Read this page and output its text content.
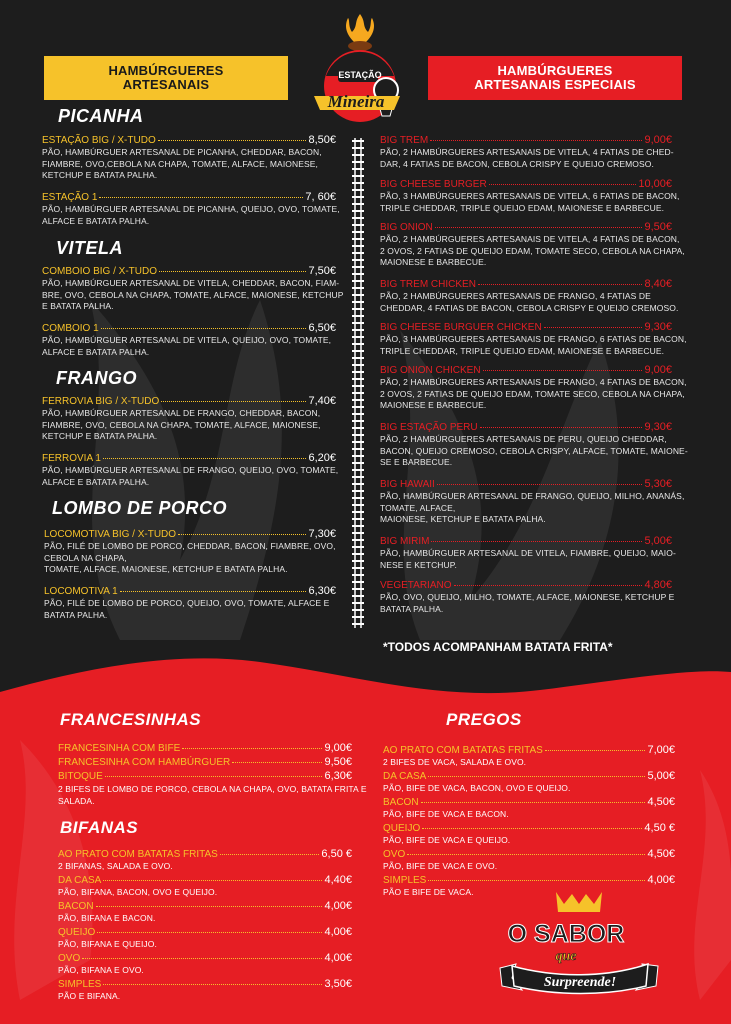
HAMBÚRGUERES
ARTESANAIS
HAMBÚRGUERES
ARTESANAIS ESPECIAIS
ESTAÇÃO
Mineira
PICANHA
ESTAÇÃO BIG / X-TUDO	8,50€
PÃO, HAMBÚRGUER ARTESANAL DE PICANHA, CHEDDAR, BACON,
FIAMBRE, OVO,CEBOLA NA CHAPA, TOMATE, ALFACE, MAIONESE,
KETCHUP E BATATA PALHA.
ESTAÇÃO 1	7, 60€
PÃO, HAMBÚRGUER ARTESANAL DE PICANHA, QUEIJO, OVO, TOMATE,
ALFACE E BATATA PALHA.
VITELA
COMBOIO BIG / X-TUDO	7,50€
PÃO, HAMBÚRGUER ARTESANAL DE VITELA, CHEDDAR, BACON, FIAM-
BRE, OVO, CEBOLA NA CHAPA, TOMATE, ALFACE, MAIONESE, KETCHUP
E BATATA PALHA.
COMBOIO 1	6,50€
PÃO, HAMBÚRGUER ARTESANAL DE VITELA, QUEIJO, OVO, TOMATE,
ALFACE E BATATA PALHA.
FRANGO
FERROVIA BIG / X-TUDO	7,40€
PÃO, HAMBÚRGUER ARTESANAL DE FRANGO, CHEDDAR, BACON,
FIAMBRE, OVO, CEBOLA NA CHAPA, TOMATE, ALFACE, MAIONESE,
KETCHUP E BATATA PALHA.
FERROVIA 1	6,20€
PÃO, HAMBÚRGUER ARTESANAL DE FRANGO, QUEIJO, OVO, TOMATE,
ALFACE E BATATA PALHA.
LOMBO DE PORCO
LOCOMOTIVA BIG / X-TUDO	7,30€
PÃO, FILÉ DE LOMBO DE PORCO, CHEDDAR, BACON, FIAMBRE, OVO,
CEBOLA NA CHAPA,
TOMATE, ALFACE, MAIONESE, KETCHUP E BATATA PALHA.
LOCOMOTIVA 1	6,30€
PÃO, FILÉ DE LOMBO DE PORCO, QUEIJO, OVO, TOMATE, ALFACE E
BATATA PALHA.
BIG TREM	9,00€
PÃO, 2 HAMBÚRGUERES ARTESANAIS DE VITELA, 4 FATIAS DE CHED-
DAR, 4 FATIAS DE BACON, CEBOLA CRISPY E QUEIJO CREMOSO.
BIG CHEESE BURGER	10,00€
PÃO, 3 HAMBÚRGUERES ARTESANAIS DE VITELA, 6 FATIAS DE BACON,
TRIPLE CHEDDAR, TRIPLE QUEIJO EDAM, MAIONESE E BARBECUE.
BIG ONION	9,50€
PÃO, 2 HAMBÚRGUERES ARTESANAIS DE VITELA, 4 FATIAS DE BACON,
2 OVOS, 2 FATIAS DE QUEIJO EDAM, TOMATE SECO, CEBOLA NA CHAPA,
MAIONESE E BARBECUE.
BIG TREM CHICKEN	8,40€
PÃO, 2 HAMBÚRGUERES ARTESANAIS DE FRANGO, 4 FATIAS DE
CHEDDAR, 4 FATIAS DE BACON, CEBOLA CRISPY E QUEIJO CREMOSO.
BIG CHEESE BURGUER CHICKEN	9,30€
PÃO, 3 HAMBÚRGUERES ARTESANAIS DE FRANGO, 6 FATIAS DE BACON,
TRIPLE CHEDDAR, TRIPLE QUEIJO EDAM, MAIONESE E BARBECUE.
BIG ONION CHICKEN	9,00€
PÃO, 2 HAMBÚRGUERES ARTESANAIS DE FRANGO, 4 FATIAS DE BACON,
2 OVOS, 2 FATIAS DE QUEIJO EDAM, TOMATE SECO, CEBOLA NA CHAPA,
MAIONESE E BARBECUE.
BIG ESTAÇÃO PERU	9,30€
PÃO, 2 HAMBÚRGUERES ARTESANAIS DE PERU, QUEIJO CHEDDAR,
BACON, QUEIJO CREMOSO, CEBOLA CRISPY, ALFACE, TOMATE, MAIONE-
SE E BARBECUE.
BIG HAWAII	5,30€
PÃO, HAMBÚRGUER ARTESANAL DE FRANGO, QUEIJO, MILHO, ANANÁS,
TOMATE, ALFACE,
MAIONESE, KETCHUP E BATATA PALHA.
BIG MIRIM	5,00€
PÃO, HAMBÚRGUER ARTESANAL DE VITELA, FIAMBRE, QUEIJO, MAIO-
NESE E KETCHUP.
VEGETARIANO	4,80€
PÃO, OVO, QUEIJO, MILHO, TOMATE, ALFACE, MAIONESE, KETCHUP E
BATATA PALHA.
*TODOS ACOMPANHAM BATATA FRITA*
FRANCESINHAS
FRANCESINHA COM BIFE	9,00€
FRANCESINHA COM HAMBÚRGUER	9,50€
BITOQUE	6,30€
2 BIFES DE LOMBO DE PORCO, CEBOLA NA CHAPA, OVO, BATATA FRITA E
SALADA.
BIFANAS
AO PRATO COM BATATAS FRITAS	6,50 €
2 BIFANAS, SALADA E OVO.
DA CASA	4,40€
PÃO, BIFANA, BACON, OVO E QUEIJO.
BACON	4,00€
PÃO, BIFANA E BACON.
QUEIJO	4,00€
PÃO, BIFANA E QUEIJO.
OVO	4,00€
PÃO, BIFANA E OVO.
SIMPLES	3,50€
PÃO E BIFANA.
PREGOS
AO PRATO COM BATATAS FRITAS	7,00€
2 BIFES DE VACA, SALADA E OVO.
DA CASA	5,00€
PÃO, BIFE DE VACA, BACON, OVO E QUEIJO.
BACON	4,50€
PÃO, BIFE DE VACA E BACON.
QUEIJO	4,50 €
PÃO, BIFE DE VACA E QUEIJO.
OVO	4,50€
PÃO, BIFE DE VACA E OVO.
SIMPLES	4,00€
PÃO E BIFE DE VACA.
O SABOR
que
Surpreende!
